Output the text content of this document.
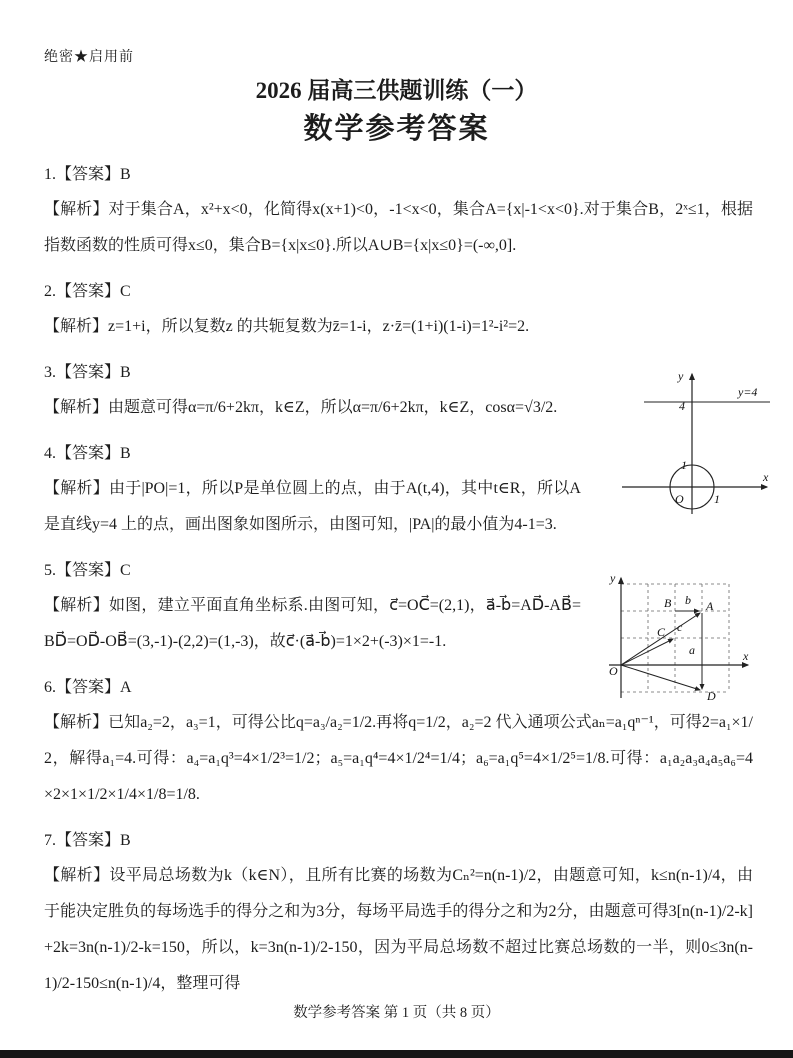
绝密★启用前
2026 届高三供题训练（一）
数学参考答案
1.【答案】B

【解析】对于集合A，x²+x<0，化简得x(x+1)<0，-1<x<0，集合A={x|-1<x<0}.对于集合B，2ˣ≤1，根据指数函数的性质可得x≤0，集合B={x|x≤0}.所以A∪B={x|x≤0}=(-∞,0].

2.【答案】C

【解析】z=1+i，所以复数z 的共轭复数为z̄=1-i，z·z̄=(1+i)(1-i)=1²-i²=2.

3.【答案】B

【解析】由题意可得α=π/6+2kπ，k∈Z，所以α=π/6+2kπ，k∈Z，cosα=√3/2.

4.【答案】B

【解析】由于|PO|=1，所以P是单位圆上的点，由于A(t,4)，其中t∈R，所以A是直线y=4 上的点，画出图象如图所示，由图可知，|PA|的最小值为4-1=3.

5.【答案】C

【解析】如图，建立平面直角坐标系.由图可知，c⃗=OC⃗=(2,1)，a⃗-b⃗=AD⃗-AB⃗=BD⃗=OD⃗-OB⃗=(3,-1)-(2,2)=(1,-3)，故c⃗·(a⃗-b⃗)=1×2+(-3)×1=-1.

6.【答案】A

【解析】已知a₂=2，a₃=1，可得公比q=a₃/a₂=1/2.再将q=1/2，a₂=2 代入通项公式aₙ=a₁qⁿ⁻¹，可得2=a₁×1/2，解得a₁=4.可得：a₄=a₁q³=4×1/2³=1/2；a₅=a₁q⁴=4×1/2⁴=1/4；a₆=a₁q⁵=4×1/2⁵=1/8.可得：a₁a₂a₃a₄a₅a₆=4×2×1×1/2×1/4×1/8=1/8.

7.【答案】B

【解析】设平局总场数为k（k∈N），且所有比赛的场数为Cₙ²=n(n-1)/2，由题意可知，k≤n(n-1)/4，由于能决定胜负的每场选手的得分之和为3分，每场平局选手的得分之和为2分，由题意可得3[n(n-1)/2-k]+2k=3n(n-1)/2-k=150，所以，k=3n(n-1)/2-150，因为平局总场数不超过比赛总场数的一半，则0≤3n(n-1)/2-150≤n(n-1)/4，整理可得

y
y=4
4
1
O	1
x
y
x
O
B b⃗ A
C c⃗
a⃗
D
数学参考答案 第 1 页（共 8 页）
